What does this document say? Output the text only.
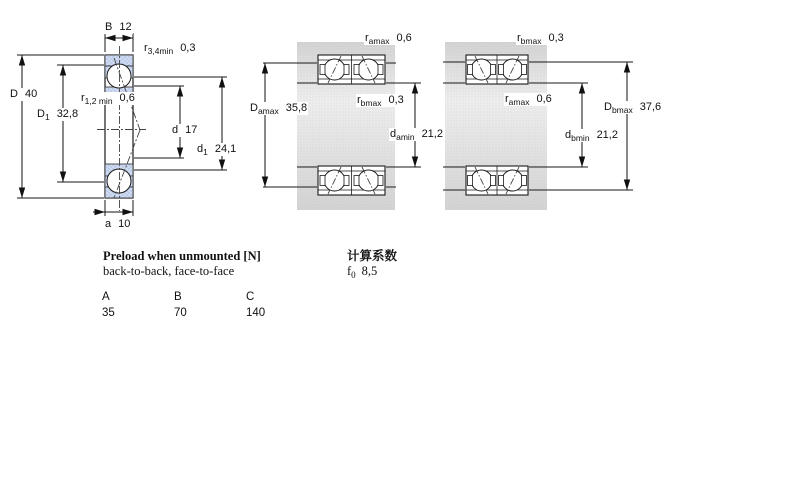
B 12
$r_{3,4min}$ 0,3
D 40	$r_{1,2 min}$ 0,6
$D_1$ 32,8
d 17
$d_1$ 24,1
a 10
$r_{amax}$ 0,6
$D_{amax}$ 35,8
$r_{bmax}$ 0,3
$d_{amin}$ 21,2
$r_{bmax}$ 0,3
$D_{bmax}$ 37,6
$r_{amax}$ 0,6
$d_{bmin}$ 21,2
Preload when unmounted [N]
back-to-back, face-to-face
计算系数
$f_0$ 8,5
A	B	C
35	70	140
